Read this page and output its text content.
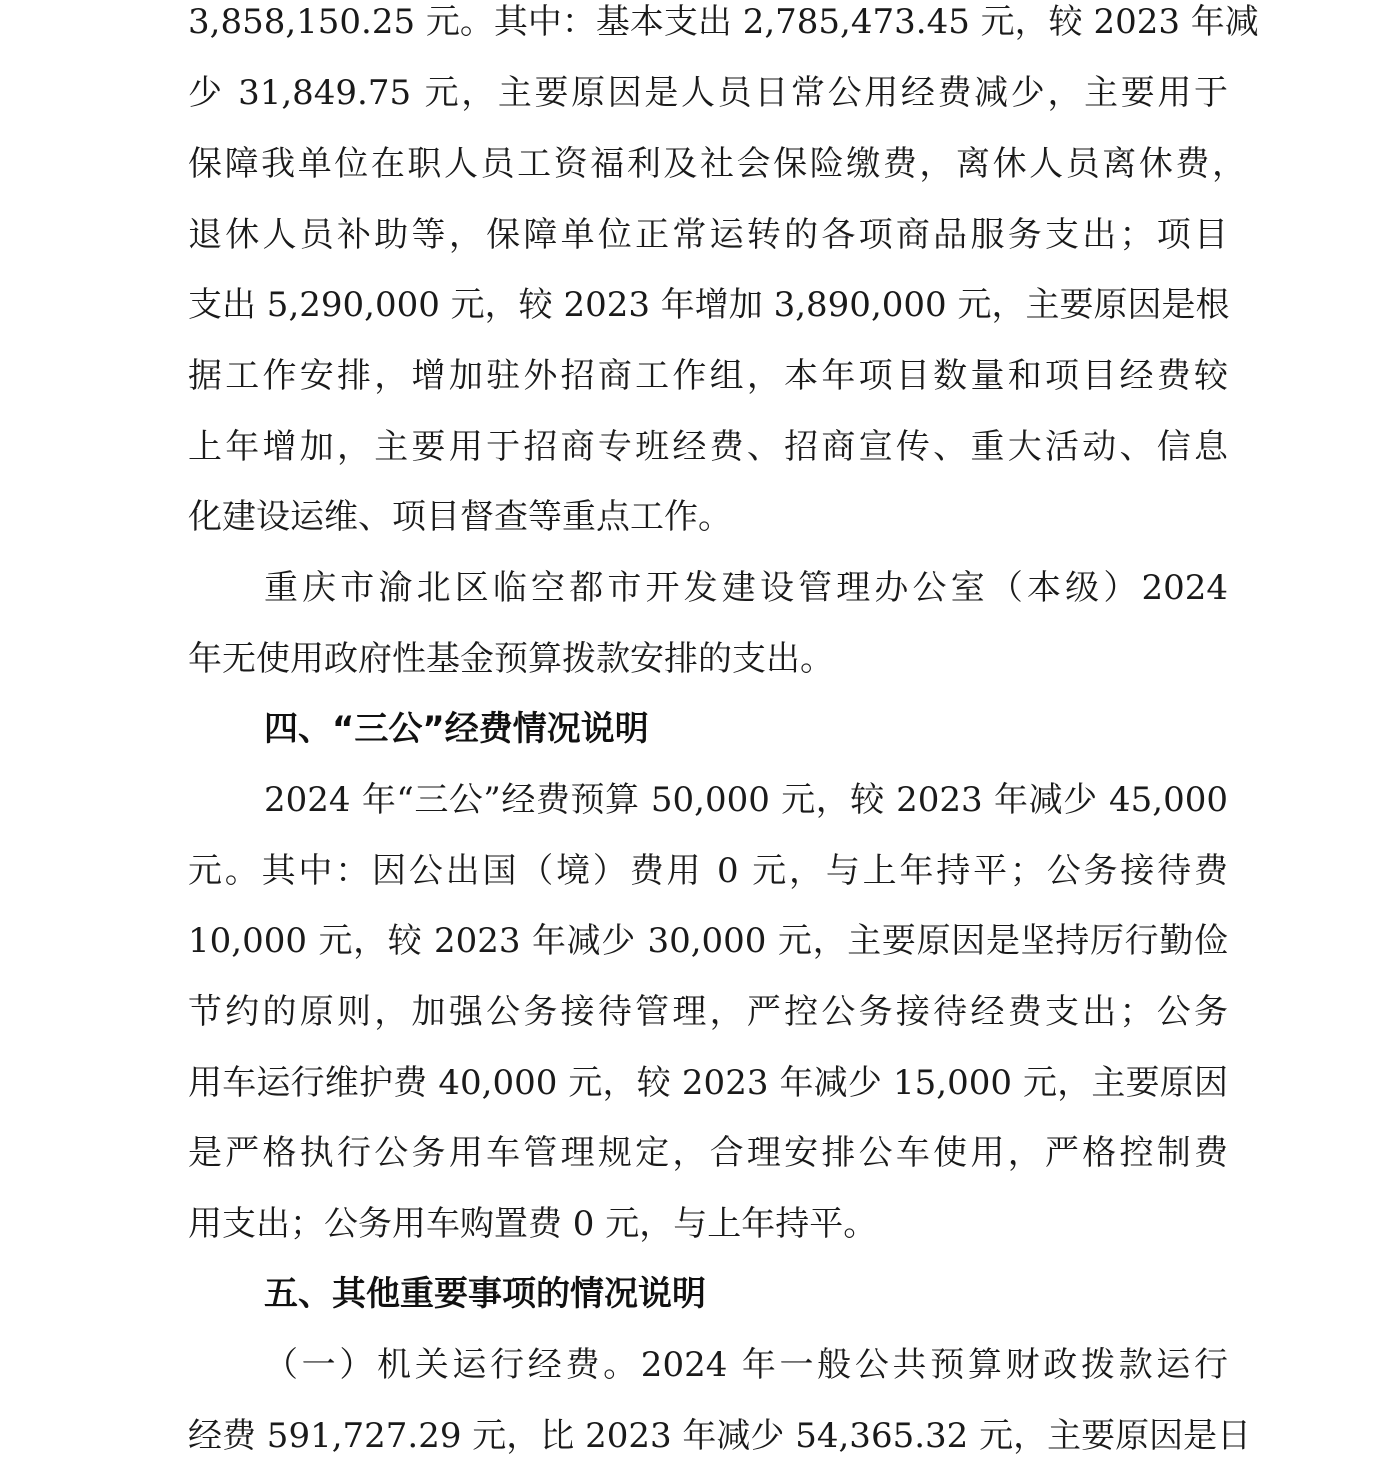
3,858,150.25 元。其中：基本支出 2,785,473.45 元，较 2023 年减
少 31,849.75 元，主要原因是人员日常公用经费减少，主要用于
保障我单位在职人员工资福利及社会保险缴费，离休人员离休费，
退休人员补助等，保障单位正常运转的各项商品服务支出；项目
支出 5,290,000 元，较 2023 年增加 3,890,000 元，主要原因是根
据工作安排，增加驻外招商工作组，本年项目数量和项目经费较
上年增加，主要用于招商专班经费、招商宣传、重大活动、信息
化建设运维、项目督查等重点工作。
重庆市渝北区临空都市开发建设管理办公室（本级）2024
年无使用政府性基金预算拨款安排的支出。
四、“三公”经费情况说明
2024 年“三公”经费预算 50,000 元，较 2023 年减少 45,000
元。其中：因公出国（境）费用 0 元，与上年持平；公务接待费
10,000 元，较 2023 年减少 30,000 元，主要原因是坚持厉行勤俭
节约的原则，加强公务接待管理，严控公务接待经费支出；公务
用车运行维护费 40,000 元，较 2023 年减少 15,000 元，主要原因
是严格执行公务用车管理规定，合理安排公车使用，严格控制费
用支出；公务用车购置费 0 元，与上年持平。
五、其他重要事项的情况说明
（一）机关运行经费。2024 年一般公共预算财政拨款运行
经费 591,727.29 元，比 2023 年减少 54,365.32 元，主要原因是日
